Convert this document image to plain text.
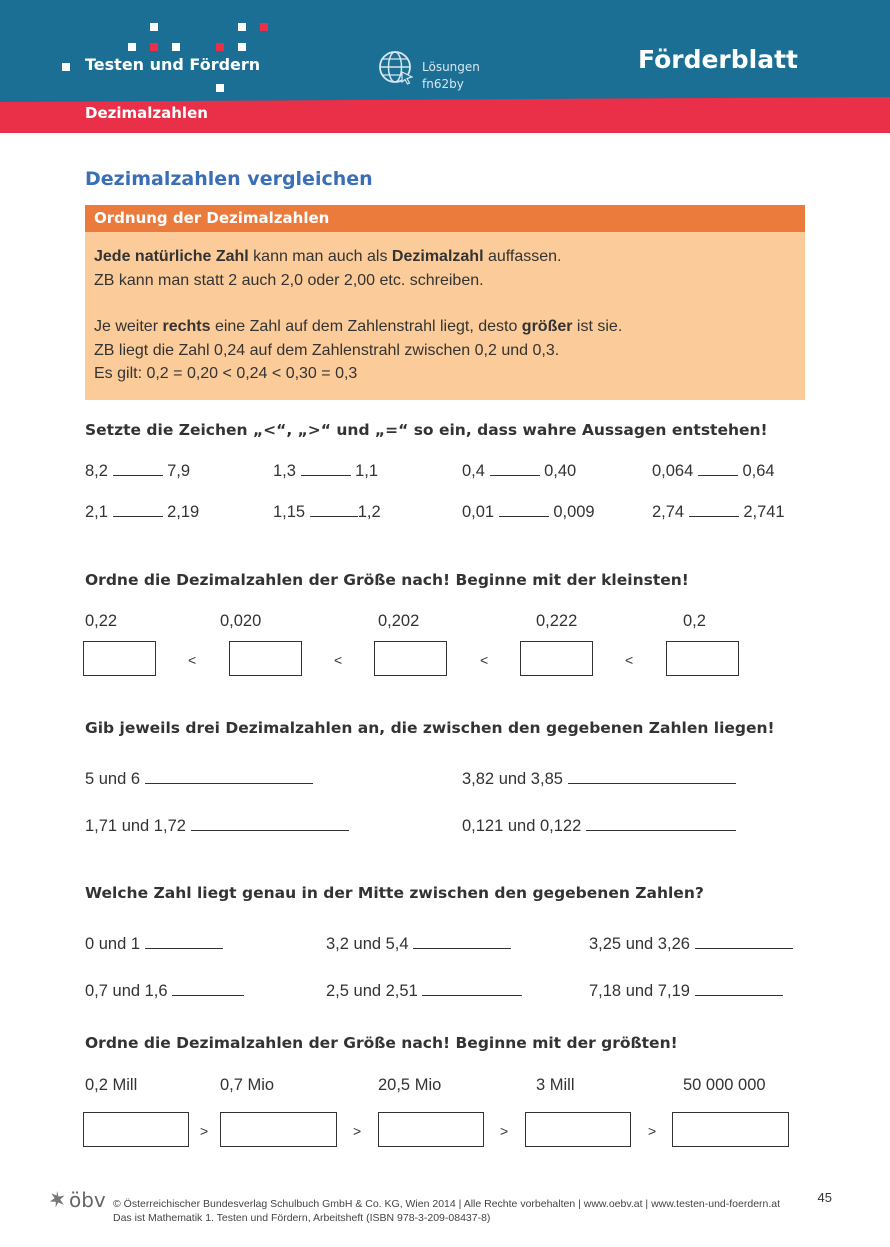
Testen und Fördern	Lösungen
fn62by
Förderblatt
Dezimalzahlen
Dezimalzahlen vergleichen
Ordnung der Dezimalzahlen
Jede natürliche Zahl kann man auch als Dezimalzahl auffassen.
ZB kann man statt 2 auch 2,0 oder 2,00 etc. schreiben.
Je weiter rechts eine Zahl auf dem Zahlenstrahl liegt, desto größer ist sie.
ZB liegt die Zahl 0,24 auf dem Zahlenstrahl zwischen 0,2 und 0,3.
Es gilt: 0,2 = 0,20 < 0,24 < 0,30 = 0,3
Setzte die Zeichen „<“, „>“ und „=“ so ein, dass wahre Aussagen entstehen!
8,2	7,9	1,3	1,1	0,4	0,40	0,064	0,64
2,1	2,19	1,15	1,2	0,01	0,009	2,74	2,741
Ordne die Dezimalzahlen der Größe nach! Beginne mit der kleinsten!
0,22	0,020	0,202	0,222	0,2
<	<	<	<
Gib jeweils drei Dezimalzahlen an, die zwischen den gegebenen Zahlen liegen!
5 und 6	3,82 und 3,85
1,71 und 1,72	0,121 und 0,122
Welche Zahl liegt genau in der Mitte zwischen den gegebenen Zahlen?
0 und 1	3,2 und 5,4	3,25 und 3,26
0,7 und 1,6	2,5 und 2,51	7,18 und 7,19
Ordne die Dezimalzahlen der Größe nach! Beginne mit der größten!
0,2 Mill	0,7 Mio	20,5 Mio	3 Mill	50 000 000
>	>	>	>
öbv © Österreichischer Bundesverlag Schulbuch GmbH & Co. KG, Wien 2014 | Alle Rechte vorbehalten | www.oebv.at | www.testen-und-foerdern.at
Das ist Mathematik 1. Testen und Fördern, Arbeitsheft (ISBN 978-3-209-08437-8)
45
